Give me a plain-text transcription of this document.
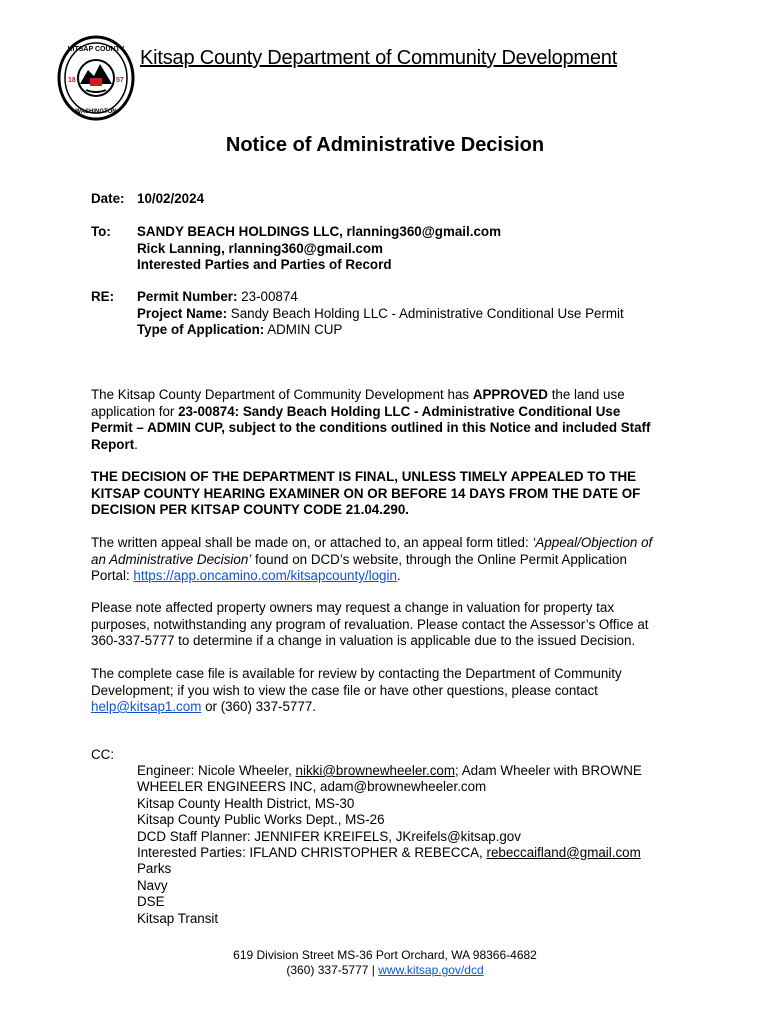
KITSAP COUNTY
WASHINGTON
18	57
Kitsap County Department of Community Development
Notice of Administrative Decision
Date: 10/02/2024
To: SANDY BEACH HOLDINGS LLC, rlanning360@gmail.com
Rick Lanning, rlanning360@gmail.com
Interested Parties and Parties of Record
RE: Permit Number: 23-00874
Project Name: Sandy Beach Holding LLC - Administrative Conditional Use Permit
Type of Application: ADMIN CUP
The Kitsap County Department of Community Development has APPROVED the land use
application for 23-00874: Sandy Beach Holding LLC - Administrative Conditional Use
Permit – ADMIN CUP, subject to the conditions outlined in this Notice and included Staff
Report.
THE DECISION OF THE DEPARTMENT IS FINAL, UNLESS TIMELY APPEALED TO THE
KITSAP COUNTY HEARING EXAMINER ON OR BEFORE 14 DAYS FROM THE DATE OF
DECISION PER KITSAP COUNTY CODE 21.04.290.
The written appeal shall be made on, or attached to, an appeal form titled: ‘Appeal/Objection of
an Administrative Decision’ found on DCD’s website, through the Online Permit Application
Portal: https://app.oncamino.com/kitsapcounty/login.
Please note affected property owners may request a change in valuation for property tax
purposes, notwithstanding any program of revaluation. Please contact the Assessor’s Office at
360-337-5777 to determine if a change in valuation is applicable due to the issued Decision.
The complete case file is available for review by contacting the Department of Community
Development; if you wish to view the case file or have other questions, please contact
help@kitsap1.com or (360) 337-5777.
CC:
Engineer: Nicole Wheeler, nikki@brownewheeler.com; Adam Wheeler with BROWNE
WHEELER ENGINEERS INC, adam@brownewheeler.com
Kitsap County Health District, MS-30
Kitsap County Public Works Dept., MS-26
DCD Staff Planner: JENNIFER KREIFELS, JKreifels@kitsap.gov
Interested Parties: IFLAND CHRISTOPHER & REBECCA, rebeccaifland@gmail.com
Parks
Navy
DSE
Kitsap Transit
619 Division Street MS-36 Port Orchard, WA 98366-4682
(360) 337-5777 | www.kitsap.gov/dcd
